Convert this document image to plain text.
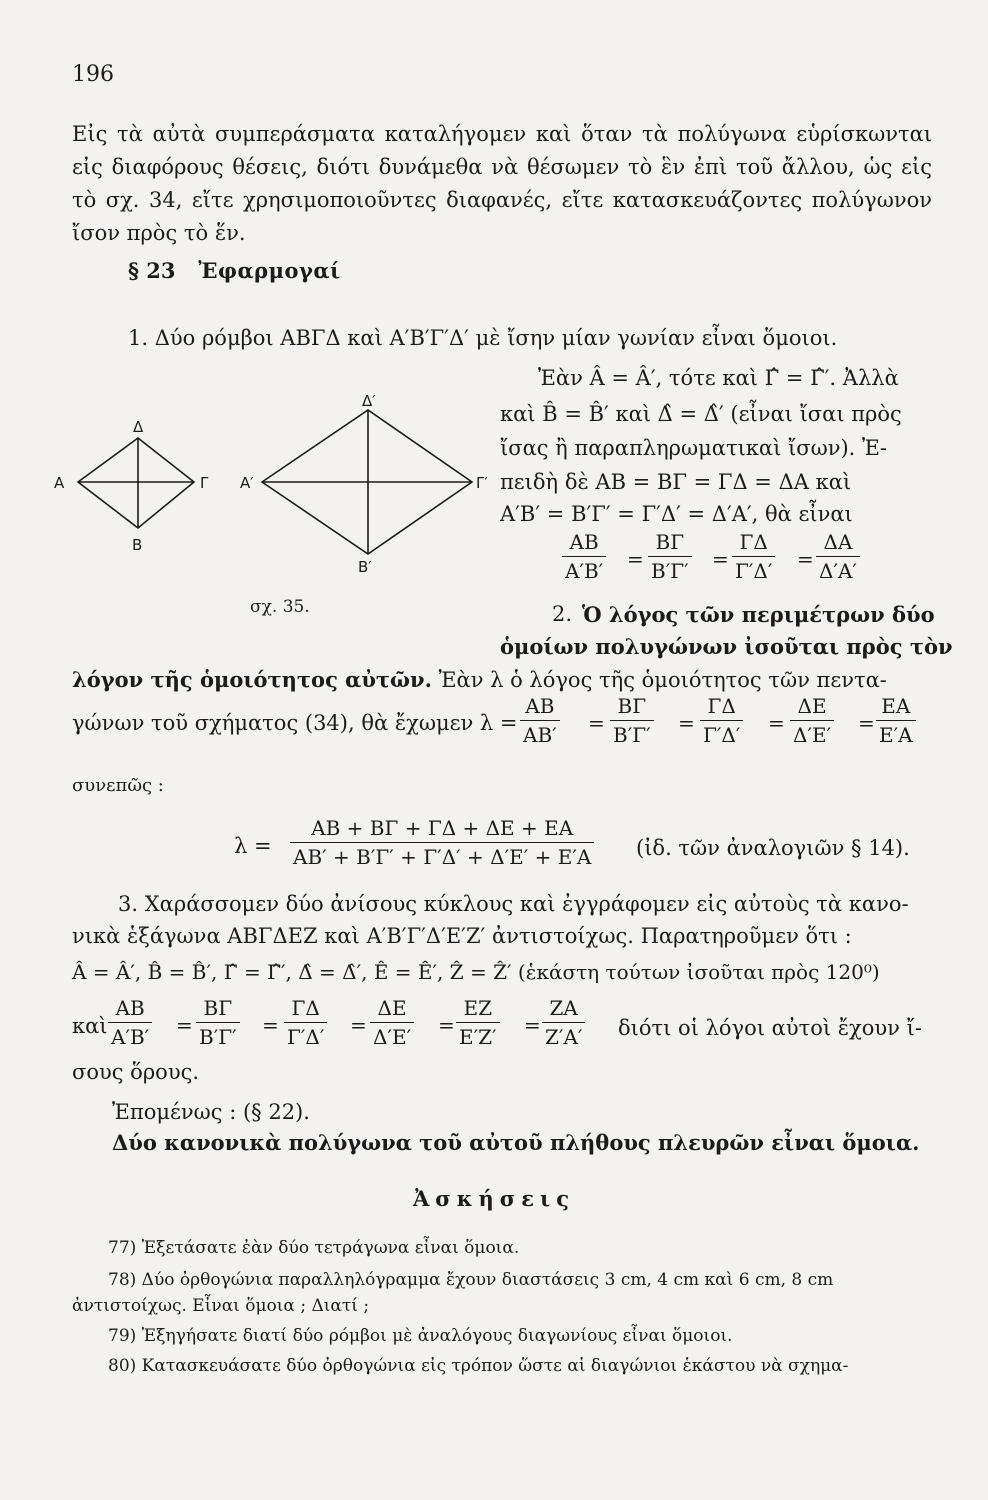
196
Εἰς τὰ αὐτὰ συμπεράσματα καταλήγομεν καὶ ὅταν τὰ πολύγωνα εὑρίσκωνται εἰς διαφόρους θέσεις, διότι δυνάμεθα νὰ θέσωμεν τὸ ἓν ἐπὶ τοῦ ἄλλου, ὡς εἰς τὸ σχ. 34, εἴτε χρησιμοποιοῦντες διαφανές, εἴτε κατασκευάζοντες πολύγωνον ἴσον πρὸς τὸ ἕν.
§ 23 Ἐφαρμογαί
1. Δύο ρόμβοι ΑΒΓΔ καὶ Α′Β′Γ′Δ′ μὲ ἴσην μίαν γωνίαν εἶναι ὅμοιοι.
Ἐὰν Â = Â′, τότε καὶ Γ̂ = Γ̂′. Ἀλλὰ
καὶ B̂ = B̂′ καὶ Δ̂ = Δ̂′ (εἶναι ἴσαι πρὸς
ἴσας ἢ παραπληρωματικαὶ ἴσων). Ἐ-
πειδὴ δὲ ΑΒ = ΒΓ = ΓΔ = ΔΑ καὶ
Α′Β′ = Β′Γ′ = Γ′Δ′ = Δ′Α′, θὰ εἶναι
ΑΒ
Α′Β′ =
ΒΓ
Β′Γ′ =
ΓΔ
Γ′Δ′ =
ΔΑ
Δ′Α′
Δ
Α	Γ
Β
Δ′
Α′	Γ′
Β′
σχ. 35.	2. Ὁ λόγος τῶν περιμέτρων δύο
ὁμοίων πολυγώνων ἰσοῦται πρὸς τὸν
λόγον τῆς ὁμοιότητος αὐτῶν. Ἐὰν λ ὁ λόγος τῆς ὁμοιότητος τῶν πεντα-
γώνων τοῦ σχήματος (34), θὰ ἔχωμεν λ =
ΑΒ
ΑΒ′ =
ΒΓ
Β′Γ′ =
ΓΔ
Γ′Δ′ =
ΔΕ
Δ′Ε′ =
ΕΑ
Ε′Α
συνεπῶς :
λ =
ΑΒ + ΒΓ + ΓΔ + ΔΕ + ΕΑ
ΑΒ′ + Β′Γ′ + Γ′Δ′ + Δ′Ε′ + Ε′Α (ἰδ. τῶν ἀναλογιῶν § 14).
3. Χαράσσομεν δύο ἀνίσους κύκλους καὶ ἐγγράφομεν εἰς αὐτοὺς τὰ κανο-
νικὰ ἑξάγωνα ΑΒΓΔΕΖ καὶ Α′Β′Γ′Δ′Ε′Ζ′ ἀντιστοίχως. Παρατηροῦμεν ὅτι :
Â = Â′, B̂ = B̂′, Γ̂ = Γ̂′, Δ̂ = Δ̂′, Ê = Ê′, Ẑ = Ẑ′ (ἑκάστη τούτων ἰσοῦται πρὸς 120⁰)
καὶ
ΑΒ
Α′Β′ =
ΒΓ
Β′Γ′ =
ΓΔ
Γ′Δ′ =
ΔΕ
Δ′Ε′ =
ΕΖ
Ε′Ζ′ =
ΖΑ
Ζ′Α′ διότι οἱ λόγοι αὐτοὶ ἔχουν ἴ-
σους ὅρους.
Ἐπομένως : (§ 22).
Δύο κανονικὰ πολύγωνα τοῦ αὐτοῦ πλήθους πλευρῶν εἶναι ὅμοια.
Ἀσκήσεις
77) Ἐξετάσατε ἐὰν δύο τετράγωνα εἶναι ὅμοια.
78) Δύο ὀρθογώνια παραλληλόγραμμα ἔχουν διαστάσεις 3 cm, 4 cm καὶ 6 cm, 8 cm
ἀντιστοίχως. Εἶναι ὅμοια ; Διατί ;
79) Ἐξηγήσατε διατί δύο ρόμβοι μὲ ἀναλόγους διαγωνίους εἶναι ὅμοιοι.
80) Κατασκευάσατε δύο ὀρθογώνια εἰς τρόπον ὥστε αἱ διαγώνιοι ἑκάστου νὰ σχημα-
